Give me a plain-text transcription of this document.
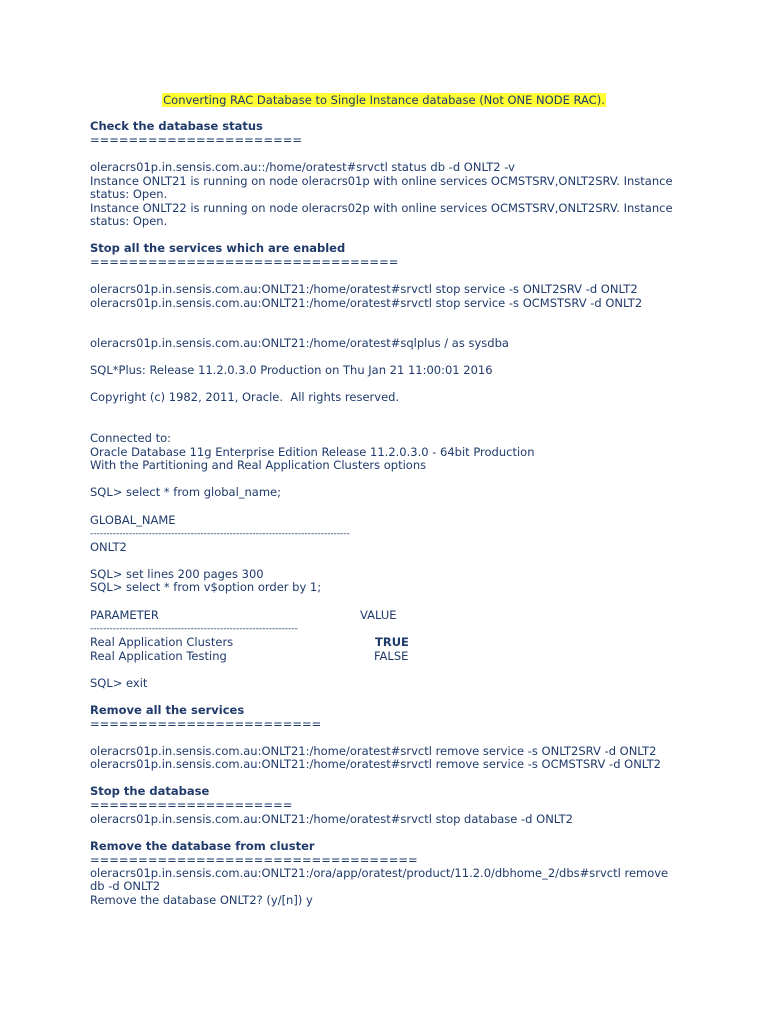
Converting RAC Database to Single Instance database (Not ONE NODE RAC).
Check the database status
======================
oleracrs01p.in.sensis.com.au::/home/oratest#srvctl status db -d ONLT2 -v
Instance ONLT21 is running on node oleracrs01p with online services OCMSTSRV,ONLT2SRV. Instance
status: Open.
Instance ONLT22 is running on node oleracrs02p with online services OCMSTSRV,ONLT2SRV. Instance
status: Open.
Stop all the services which are enabled
================================
oleracrs01p.in.sensis.com.au:ONLT21:/home/oratest#srvctl stop service -s ONLT2SRV -d ONLT2
oleracrs01p.in.sensis.com.au:ONLT21:/home/oratest#srvctl stop service -s OCMSTSRV -d ONLT2
oleracrs01p.in.sensis.com.au:ONLT21:/home/oratest#sqlplus / as sysdba
SQL*Plus: Release 11.2.0.3.0 Production on Thu Jan 21 11:00:01 2016
Copyright (c) 1982, 2011, Oracle.  All rights reserved.
Connected to:
Oracle Database 11g Enterprise Edition Release 11.2.0.3.0 - 64bit Production
With the Partitioning and Real Application Clusters options
SQL> select * from global_name;
GLOBAL_NAME
--------------------------------------------------------------------------------
ONLT2
SQL> set lines 200 pages 300
SQL> select * from v$option order by 1;
PARAMETER	VALUE
----------------------------------------------------------------
Real Application Clusters	TRUE
Real Application Testing	FALSE
SQL> exit
Remove all the services
========================
oleracrs01p.in.sensis.com.au:ONLT21:/home/oratest#srvctl remove service -s ONLT2SRV -d ONLT2
oleracrs01p.in.sensis.com.au:ONLT21:/home/oratest#srvctl remove service -s OCMSTSRV -d ONLT2
Stop the database
=====================
oleracrs01p.in.sensis.com.au:ONLT21:/home/oratest#srvctl stop database -d ONLT2
Remove the database from cluster
==================================
oleracrs01p.in.sensis.com.au:ONLT21:/ora/app/oratest/product/11.2.0/dbhome_2/dbs#srvctl remove
db -d ONLT2
Remove the database ONLT2? (y/[n]) y
